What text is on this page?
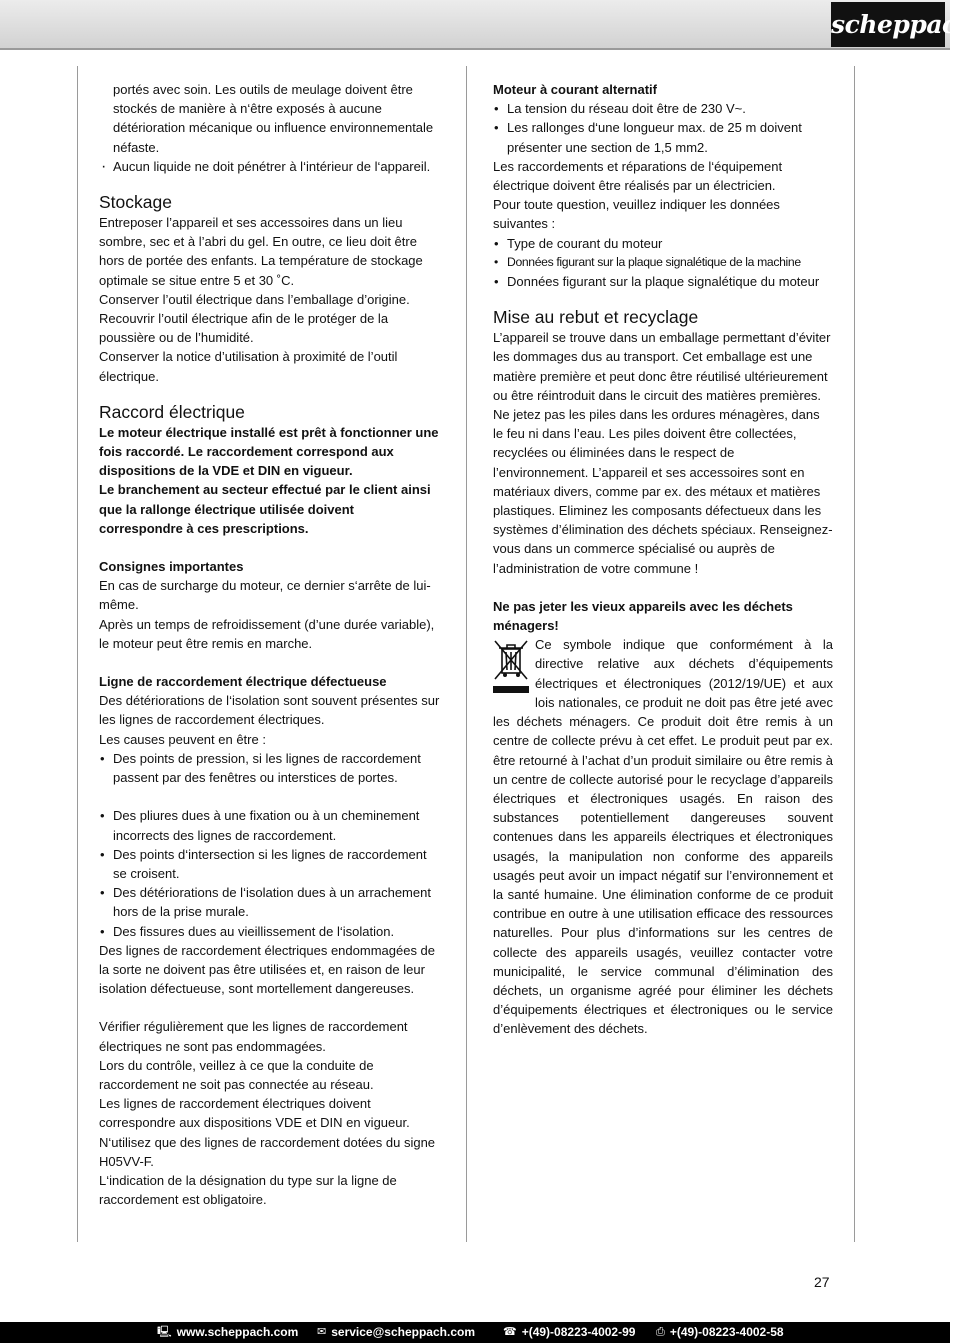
scheppach

portés avec soin. Les outils de meulage doivent être stockés de manière à n‘être exposés à aucune détérioration mécanique ou influence environnementale néfaste.

· Aucun liquide ne doit pénétrer à l‘intérieur de l‘appareil.
Stockage

Entreposer l’appareil et ses accessoires dans un lieu sombre, sec et à l’abri du gel. En outre, ce lieu doit être hors de portée des enfants. La température de stockage optimale se situe entre 5 et 30 ˚C.

Conserver l’outil électrique dans l’emballage d’origine.

Recouvrir l’outil électrique afin de le protéger de la poussière ou de l’humidité.

Conserver la notice d’utilisation à proximité de l’outil électrique.

Raccord électrique

Le moteur électrique installé est prêt à fonctionner une fois raccordé. Le raccordement correspond aux dispositions de la VDE et DIN en vigueur.

Le branchement au secteur effectué par le client ainsi que la rallonge électrique utilisée doivent correspondre à ces prescriptions.

Consignes importantes

En cas de surcharge du moteur, ce dernier s‘arrête de lui-même.

Après un temps de refroidissement (d’une durée variable), le moteur peut être remis en marche.

Ligne de raccordement électrique défectueuse

Des détériorations de l‘isolation sont souvent présentes sur les lignes de raccordement électriques.

Les causes peuvent en être :

• Des points de pression, si les lignes de raccordement passent par des fenêtres ou interstices de portes.
• Des pliures dues à une fixation ou à un cheminement incorrects des lignes de raccordement.
• Des points d‘intersection si les lignes de raccordement se croisent.
• Des détériorations de l‘isolation dues à un arrachement hors de la prise murale.
• Des fissures dues au vieillissement de l‘isolation.

Des lignes de raccordement électriques endommagées de la sorte ne doivent pas être utilisées et, en raison de leur isolation défectueuse, sont mortellement dangereuses.

Vérifier régulièrement que les lignes de raccordement électriques ne sont pas endommagées.

Lors du contrôle, veillez à ce que la conduite de raccordement ne soit pas connectée au réseau.

Les lignes de raccordement électriques doivent correspondre aux dispositions VDE et DIN en vigueur.

N‘utilisez que des lignes de raccordement dotées du signe H05VV-F.

L‘indication de la désignation du type sur la ligne de raccordement est obligatoire.

Moteur à courant alternatif
• La tension du réseau doit être de 230 V~.
• Les rallonges d‘une longueur max. de 25 m doivent présenter une section de 1,5 mm2.

Les raccordements et réparations de l‘équipement électrique doivent être réalisés par un électricien.

Pour toute question, veuillez indiquer les données suivantes :

• Type de courant du moteur
• Données figurant sur la plaque signalétique de la machine
• Données figurant sur la plaque signalétique du moteur
Mise au rebut et recyclage

L’appareil se trouve dans un emballage permettant d’éviter les dommages dus au transport. Cet emballage est une matière première et peut donc être réutilisé ultérieurement ou être réintroduit dans le circuit des matières premières. Ne jetez pas les piles dans les ordures ménagères, dans le feu ni dans l’eau. Les piles doivent être collectées, recyclées ou éliminées dans le respect de l’environnement. L’appareil et ses accessoires sont en matériaux divers, comme par ex. des métaux et matières plastiques. Eliminez les composants défectueux dans les systèmes d’élimination des déchets spéciaux. Renseignez-vous dans un commerce spécialisé ou auprès de l’administration de votre commune !

Ne pas jeter les vieux appareils avec les déchets ménagers!
Ce symbole indique que conformément à la directive relative aux déchets d’équipements électriques et électroniques (2012/19/UE) et aux lois nationales, ce produit ne doit pas être jeté avec les déchets ménagers. Ce produit doit être remis à un centre de collecte prévu à cet effet. Le produit peut par ex. être retourné à l’achat d’un produit similaire ou être remis à un centre de collecte autorisé pour le recyclage d’appareils électriques et électroniques usagés. En raison des substances potentiellement dangereuses souvent contenues dans les appareils électriques et électroniques usagés, la manipulation non conforme des appareils usagés peut avoir un impact négatif sur l’environnement et la santé humaine. Une élimination conforme de ce produit contribue en outre à une utilisation efficace des ressources naturelles. Pour plus d’informations sur les centres de collecte des appareils usagés, veuillez contacter votre municipalité, le service communal d’élimination des déchets, un organisme agréé pour éliminer les déchets d’équipements électriques et électroniques ou le service d’enlèvement des déchets.
27
🖳 www.scheppach.com ✉ service@scheppach.com	☎ +(49)-08223-4002-99 ⎙ +(49)-08223-4002-58
